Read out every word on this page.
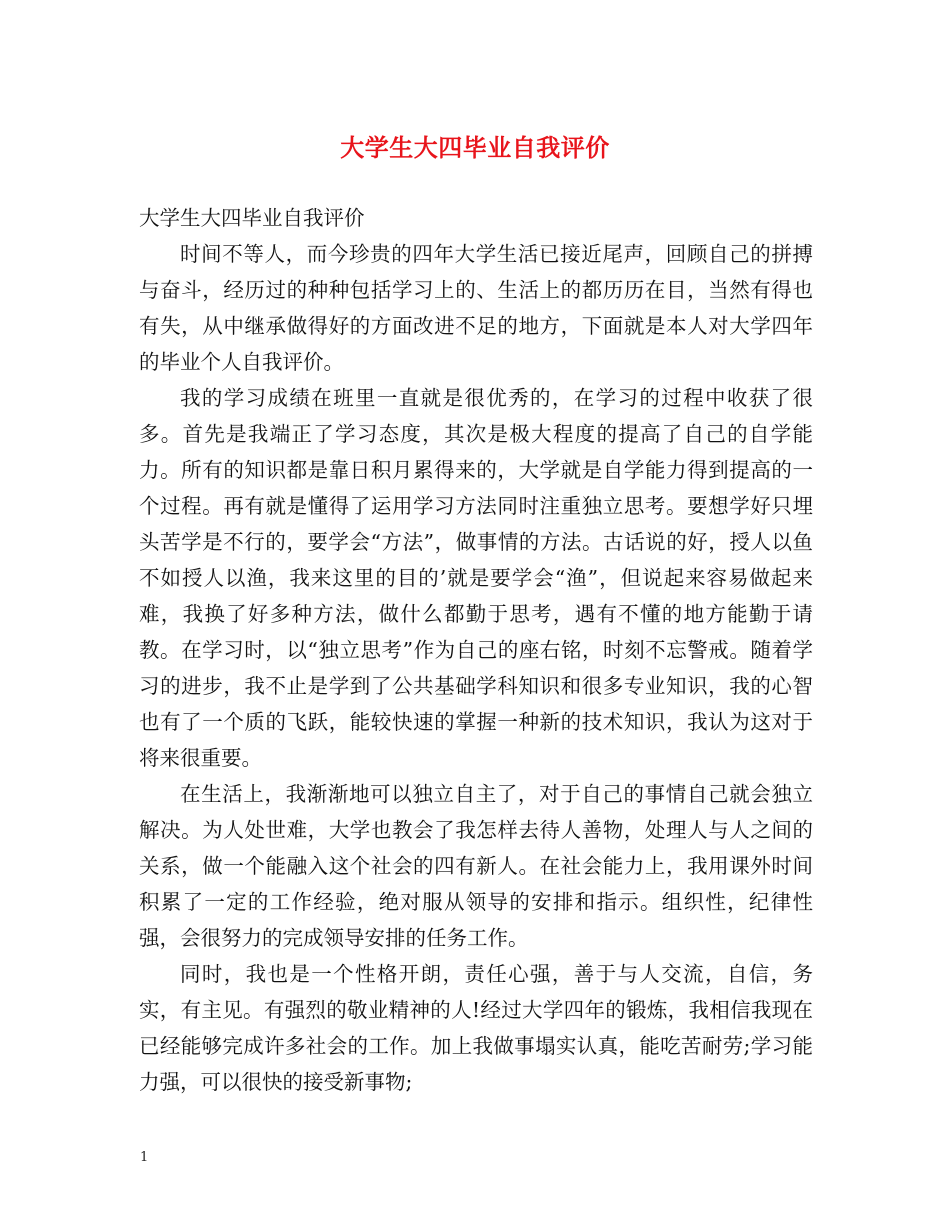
大学生大四毕业自我评价

大学生大四毕业自我评价

时间不等人，而今珍贵的四年大学生活已接近尾声，回顾自己的拼搏与奋斗，经历过的种种包括学习上的、生活上的都历历在目，当然有得也有失，从中继承做得好的方面改进不足的地方，下面就是本人对大学四年的毕业个人自我评价。

我的学习成绩在班里一直就是很优秀的，在学习的过程中收获了很多。首先是我端正了学习态度，其次是极大程度的提高了自己的自学能力。所有的知识都是靠日积月累得来的，大学就是自学能力得到提高的一个过程。再有就是懂得了运用学习方法同时注重独立思考。要想学好只埋头苦学是不行的，要学会“方法”，做事情的方法。古话说的好，授人以鱼不如授人以渔，我来这里的目的’就是要学会“渔”，但说起来容易做起来难，我换了好多种方法，做什么都勤于思考，遇有不懂的地方能勤于请教。在学习时，以“独立思考”作为自己的座右铭，时刻不忘警戒。随着学习的进步，我不止是学到了公共基础学科知识和很多专业知识，我的心智也有了一个质的飞跃，能较快速的掌握一种新的技术知识，我认为这对于将来很重要。

在生活上，我渐渐地可以独立自主了，对于自己的事情自己就会独立解决。为人处世难，大学也教会了我怎样去待人善物，处理人与人之间的关系，做一个能融入这个社会的四有新人。在社会能力上，我用课外时间积累了一定的工作经验，绝对服从领导的安排和指示。组织性，纪律性强，会很努力的完成领导安排的任务工作。

同时，我也是一个性格开朗，责任心强，善于与人交流，自信，务实，有主见。有强烈的敬业精神的人!经过大学四年的锻炼，我相信我现在已经能够完成许多社会的工作。加上我做事塌实认真，能吃苦耐劳;学习能力强，可以很快的接受新事物;

1
